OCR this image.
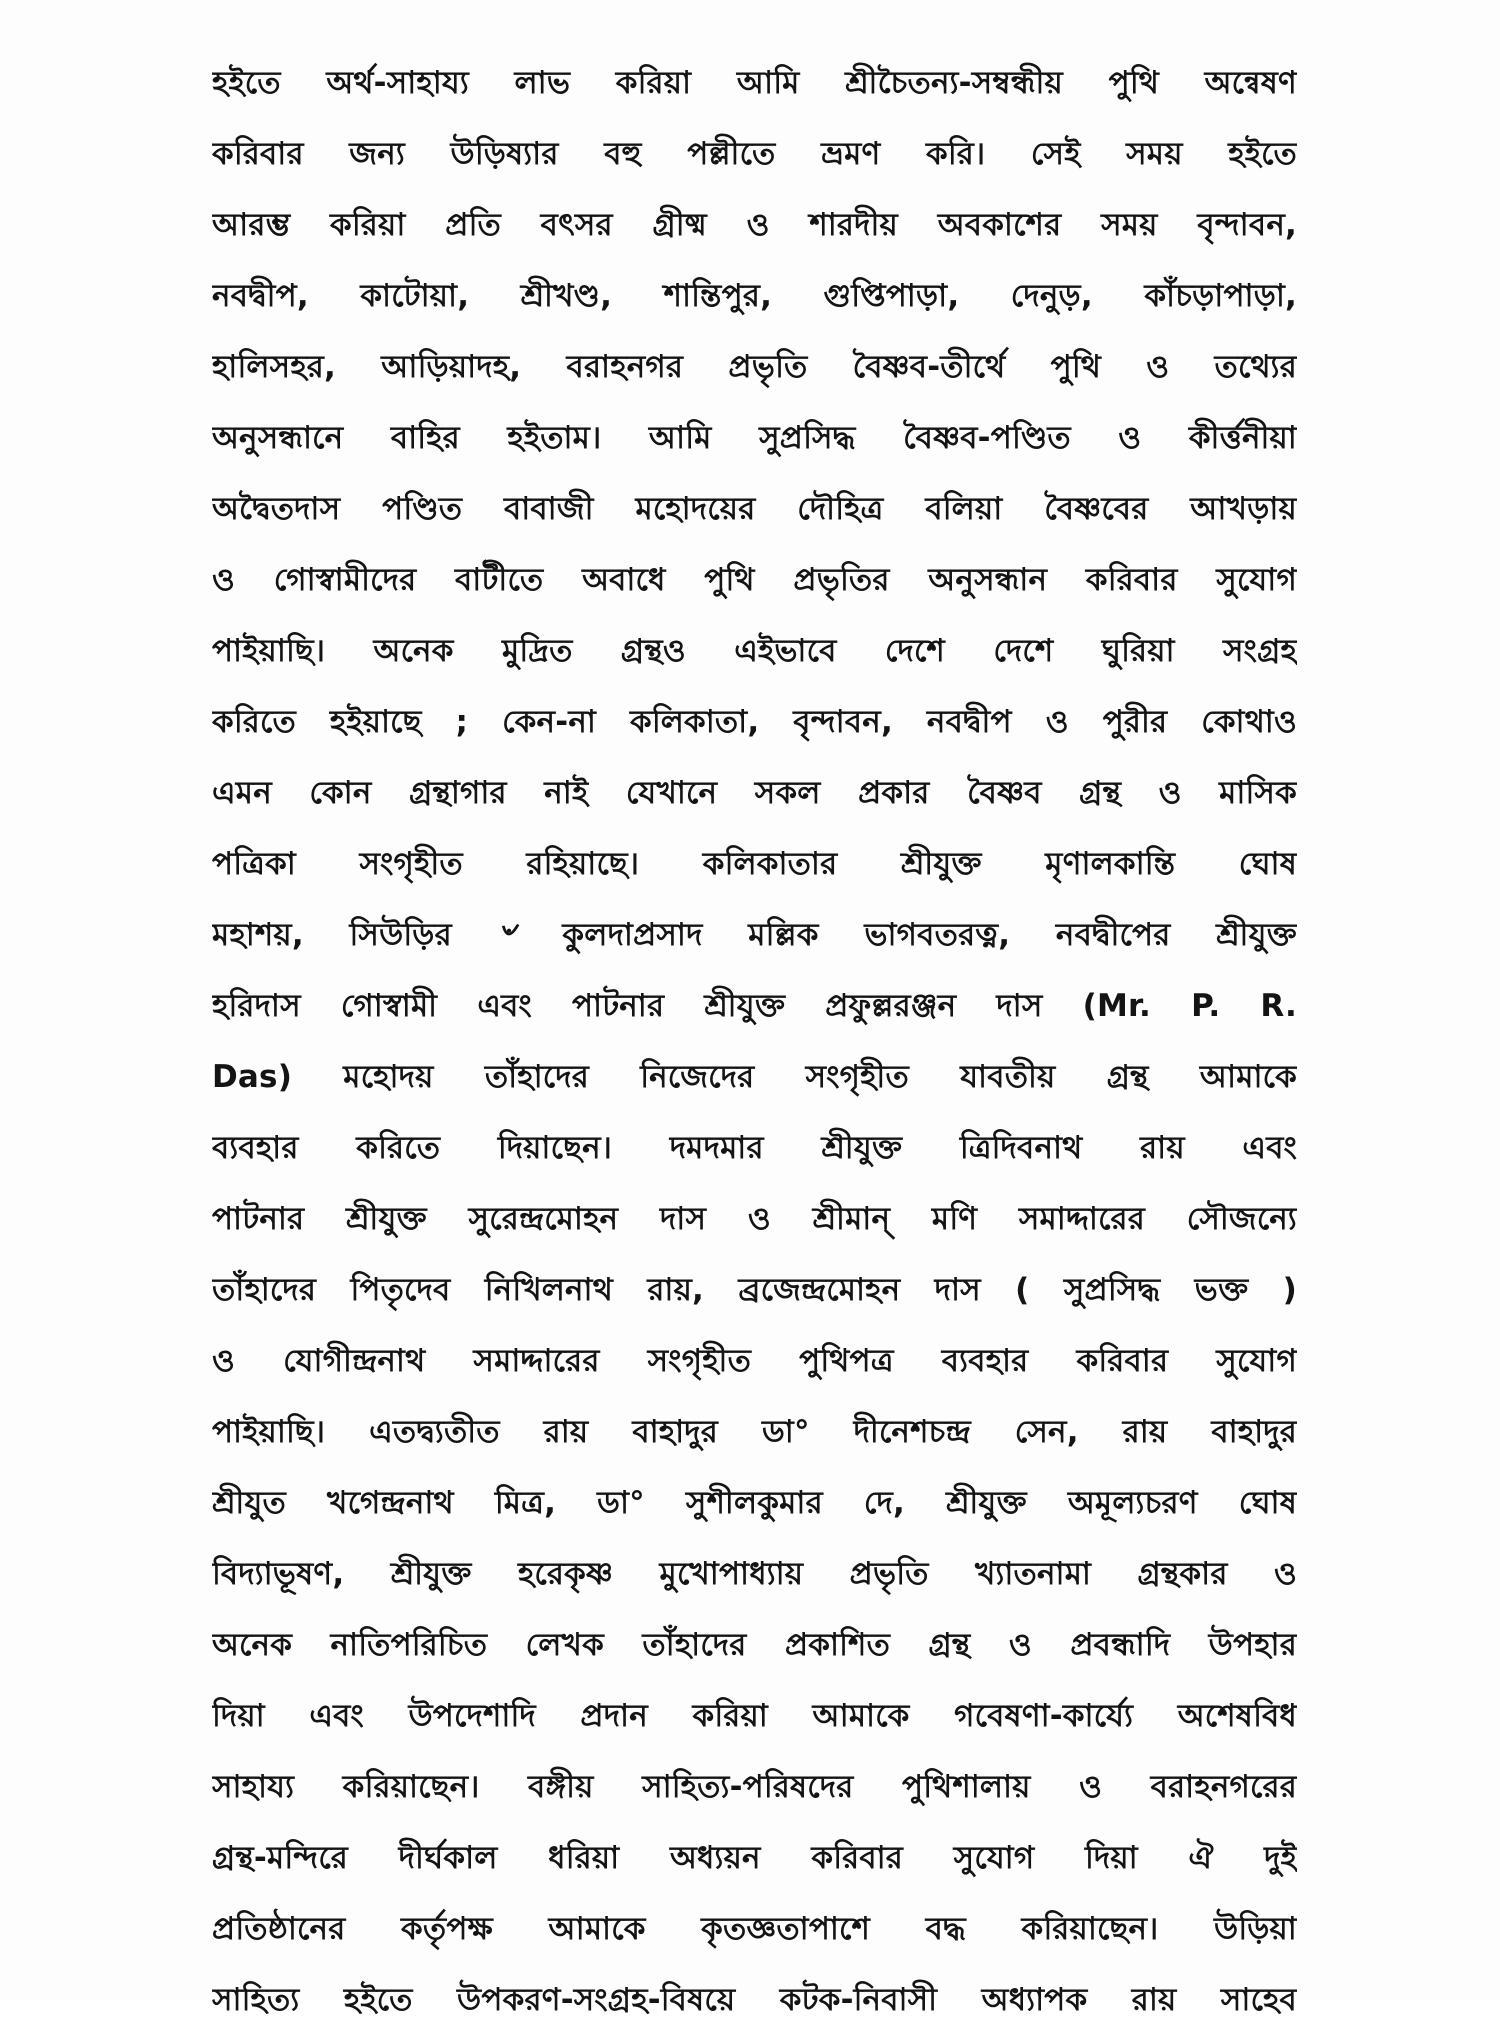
হইতে অর্থ-সাহায্য লাভ করিয়া আমি শ্রীচৈতন্য-সম্বন্ধীয় পুথি অন্বেষণ
করিবার জন্য উড়িষ্যার বহু পল্লীতে ভ্রমণ করি। সেই সময় হইতে
আরম্ভ করিয়া প্রতি বৎসর গ্রীষ্ম ও শারদীয় অবকাশের সময় বৃন্দাবন,
নবদ্বীপ, কাটোয়া, শ্রীখণ্ড, শান্তিপুর, গুপ্তিপাড়া, দেনুড়, কাঁচড়াপাড়া,
হালিসহর, আড়িয়াদহ, বরাহনগর প্রভৃতি বৈষ্ণব-তীর্থে পুথি ও তথ্যের
অনুসন্ধানে বাহির হইতাম। আমি সুপ্রসিদ্ধ বৈষ্ণব-পণ্ডিত ও কীর্ত্তনীয়া
অদ্বৈতদাস পণ্ডিত বাবাজী মহোদয়ের দৌহিত্র বলিয়া বৈষ্ণবের আখড়ায়
ও গোস্বামীদের বাটীতে অবাধে পুথি প্রভৃতির অনুসন্ধান করিবার সুযোগ
পাইয়াছি। অনেক মুদ্রিত গ্রন্থও এইভাবে দেশে দেশে ঘুরিয়া সংগ্রহ
করিতে হইয়াছে ; কেন-না কলিকাতা, বৃন্দাবন, নবদ্বীপ ও পুরীর কোথাও
এমন কোন গ্রন্থাগার নাই যেখানে সকল প্রকার বৈষ্ণব গ্রন্থ ও মাসিক
পত্রিকা সংগৃহীত রহিয়াছে। কলিকাতার শ্রীযুক্ত মৃণালকান্তি ঘোষ
মহাশয়, সিউড়ির ৺ কুলদাপ্রসাদ মল্লিক ভাগবতরত্ন, নবদ্বীপের শ্রীযুক্ত
হরিদাস গোস্বামী এবং পাটনার শ্রীযুক্ত প্রফুল্লরঞ্জন দাস (Mr. P. R.
Das) মহোদয় তাঁহাদের নিজেদের সংগৃহীত যাবতীয় গ্রন্থ আমাকে
ব্যবহার করিতে দিয়াছেন। দমদমার শ্রীযুক্ত ত্রিদিবনাথ রায় এবং
পাটনার শ্রীযুক্ত সুরেন্দ্রমোহন দাস ও শ্রীমান্ মণি সমাদ্দারের সৌজন্যে
তাঁহাদের পিতৃদেব নিখিলনাথ রায়, ব্রজেন্দ্রমোহন দাস ( সুপ্রসিদ্ধ ভক্ত )
ও যোগীন্দ্রনাথ সমাদ্দারের সংগৃহীত পুথিপত্র ব্যবহার করিবার সুযোগ
পাইয়াছি। এতদ্ব্যতীত রায় বাহাদুর ডা° দীনেশচন্দ্র সেন, রায় বাহাদুর
শ্রীযুত খগেন্দ্রনাথ মিত্র, ডা° সুশীলকুমার দে, শ্রীযুক্ত অমূল্যচরণ ঘোষ
বিদ্যাভূষণ, শ্রীযুক্ত হরেকৃষ্ণ মুখোপাধ্যায় প্রভৃতি খ্যাতনামা গ্রন্থকার ও
অনেক নাতিপরিচিত লেখক তাঁহাদের প্রকাশিত গ্রন্থ ও প্রবন্ধাদি উপহার
দিয়া এবং উপদেশাদি প্রদান করিয়া আমাকে গবেষণা-কার্য্যে অশেষবিধ
সাহায্য করিয়াছেন। বঙ্গীয় সাহিত্য-পরিষদের পুথিশালায় ও বরাহনগরের
গ্রন্থ-মন্দিরে দীর্ঘকাল ধরিয়া অধ্যয়ন করিবার সুযোগ দিয়া ঐ দুই
প্রতিষ্ঠানের কর্তৃপক্ষ আমাকে কৃতজ্ঞতাপাশে বদ্ধ করিয়াছেন। উড়িয়া
সাহিত্য হইতে উপকরণ-সংগ্রহ-বিষয়ে কটক-নিবাসী অধ্যাপক রায় সাহেব
